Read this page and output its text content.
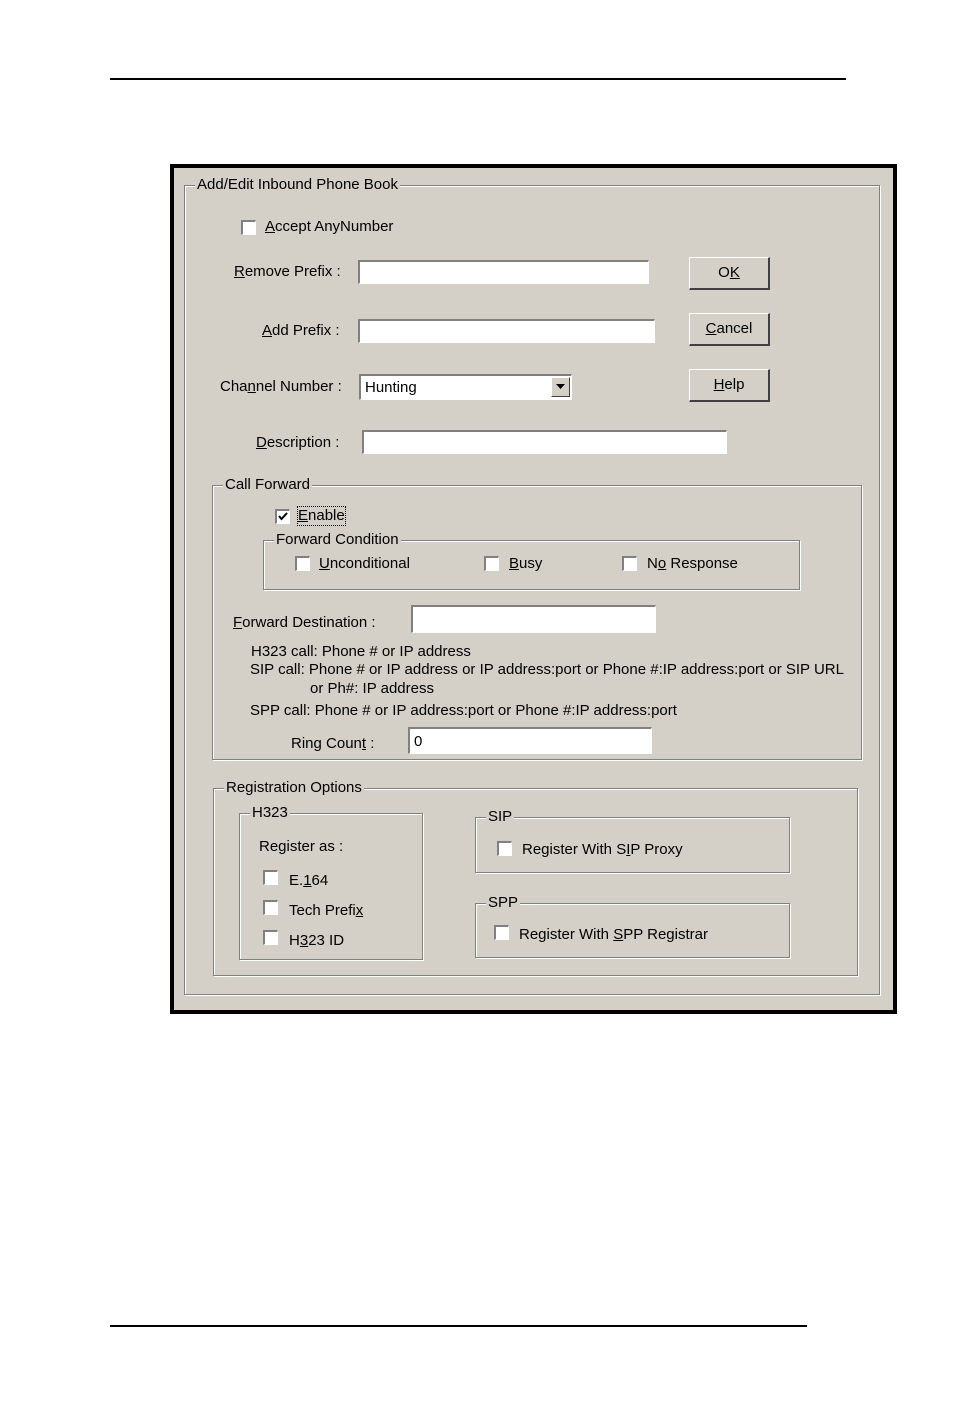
Add/Edit Inbound Phone Book
Accept AnyNumber
Remove Prefix :
Add Prefix :
Channel Number : Hunting
Description :
OK
Cancel
Help
Call Forward
Enable
Forward Condition
Unconditional	Busy	No Response
Forward Destination :
H323 call: Phone # or IP address
SIP call: Phone # or IP address or IP address:port or Phone #:IP address:port or SIP URL
or Ph#: IP address
SPP call: Phone # or IP address:port or Phone #:IP address:port
Ring Count :
0
Registration Options
H323
Register as :
E.164
Tech Prefix
H323 ID
SIP
Register With SIP Proxy
SPP
Register With SPP Registrar
